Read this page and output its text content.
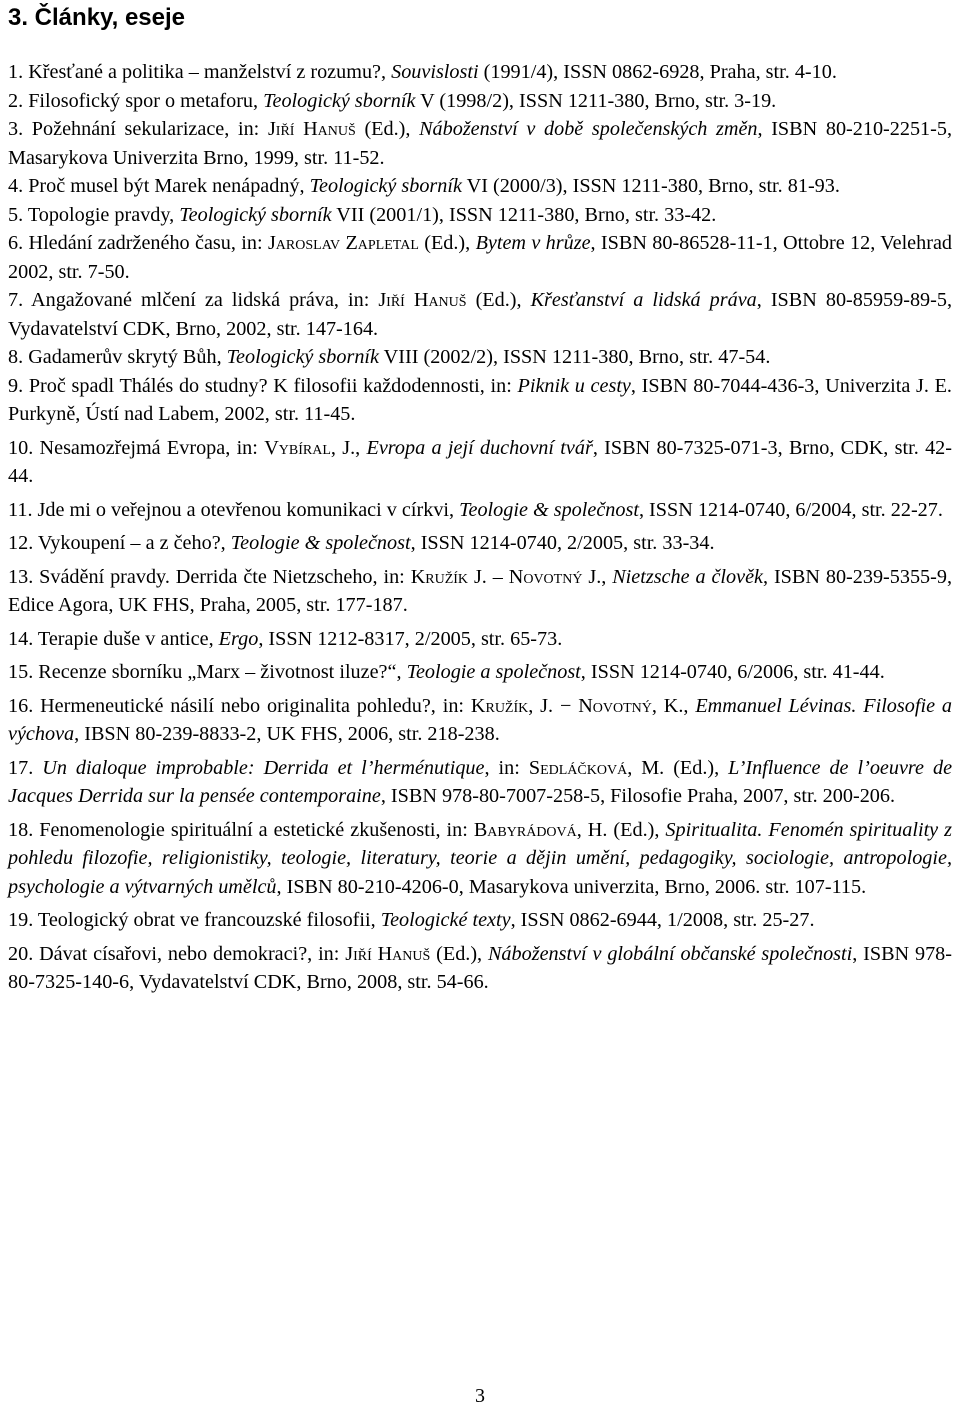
3. Články, eseje
1. Křesťané a politika – manželství z rozumu?, Souvislosti (1991/4), ISSN 0862-6928, Praha, str. 4-10.
2. Filosofický spor o metaforu, Teologický sborník V (1998/2), ISSN 1211-380, Brno, str. 3-19.
3. Požehnání sekularizace, in: Jiří Hanuš (Ed.), Náboženství v době společenských změn, ISBN 80-210-2251-5, Masarykova Univerzita Brno, 1999, str. 11-52.
4. Proč musel být Marek nenápadný, Teologický sborník VI (2000/3), ISSN 1211-380, Brno, str. 81-93.
5. Topologie pravdy, Teologický sborník VII (2001/1), ISSN 1211-380, Brno, str. 33-42.
6. Hledání zadrženého času, in: Jaroslav Zapletal (Ed.), Bytem v hrůze, ISBN 80-86528-11-1, Ottobre 12, Velehrad 2002, str. 7-50.
7. Angažované mlčení za lidská práva, in: Jiří Hanuš (Ed.), Křesťanství a lidská práva, ISBN 80-85959-89-5, Vydavatelství CDK, Brno, 2002, str. 147-164.
8. Gadamerův skrytý Bůh, Teologický sborník VIII (2002/2), ISSN 1211-380, Brno, str. 47-54.
9. Proč spadl Thálés do studny? K filosofii každodennosti, in: Piknik u cesty, ISBN 80-7044-436-3, Univerzita J. E. Purkyně, Ústí nad Labem, 2002, str. 11-45.
10. Nesamozřejmá Evropa, in: Vybíral, J., Evropa a její duchovní tvář, ISBN 80-7325-071-3, Brno, CDK, str. 42-44.
11. Jde mi o veřejnou a otevřenou komunikaci v církvi, Teologie & společnost, ISSN 1214-0740, 6/2004, str. 22-27.
12. Vykoupení – a z čeho?, Teologie & společnost, ISSN 1214-0740, 2/2005, str. 33-34.
13. Svádění pravdy. Derrida čte Nietzscheho, in: Kružík J. – Novotný J., Nietzsche a člověk, ISBN 80-239-5355-9, Edice Agora, UK FHS, Praha, 2005, str. 177-187.
14. Terapie duše v antice, Ergo, ISSN 1212-8317, 2/2005, str. 65-73.
15. Recenze sborníku „Marx – životnost iluze?“, Teologie a společnost, ISSN 1214-0740, 6/2006, str. 41-44.
16. Hermeneutické násilí nebo originalita pohledu?, in: Kružík, J. − Novotný, K., Emmanuel Lévinas. Filosofie a výchova, IBSN 80-239-8833-2, UK FHS, 2006, str. 218-238.
17. Un dialoque improbable: Derrida et l’herménutique, in: Sedláčková, M. (Ed.), L’Influence de l’oeuvre de Jacques Derrida sur la pensée contemporaine, ISBN 978-80-7007-258-5, Filosofie Praha, 2007, str. 200-206.
18. Fenomenologie spirituální a estetické zkušenosti, in: Babyrádová, H. (Ed.), Spiritualita. Fenomén spirituality z pohledu filozofie, religionistiky, teologie, literatury, teorie a dějin umění, pedagogiky, sociologie, antropologie, psychologie a výtvarných umělců, ISBN 80-210-4206-0, Masarykova univerzita, Brno, 2006. str. 107-115.
19. Teologický obrat ve francouzské filosofii, Teologické texty, ISSN 0862-6944, 1/2008, str. 25-27.
20. Dávat císařovi, nebo demokraci?, in: Jiří Hanuš (Ed.), Náboženství v globální občanské společnosti, ISBN 978-80-7325-140-6, Vydavatelství CDK, Brno, 2008, str. 54-66.
3
